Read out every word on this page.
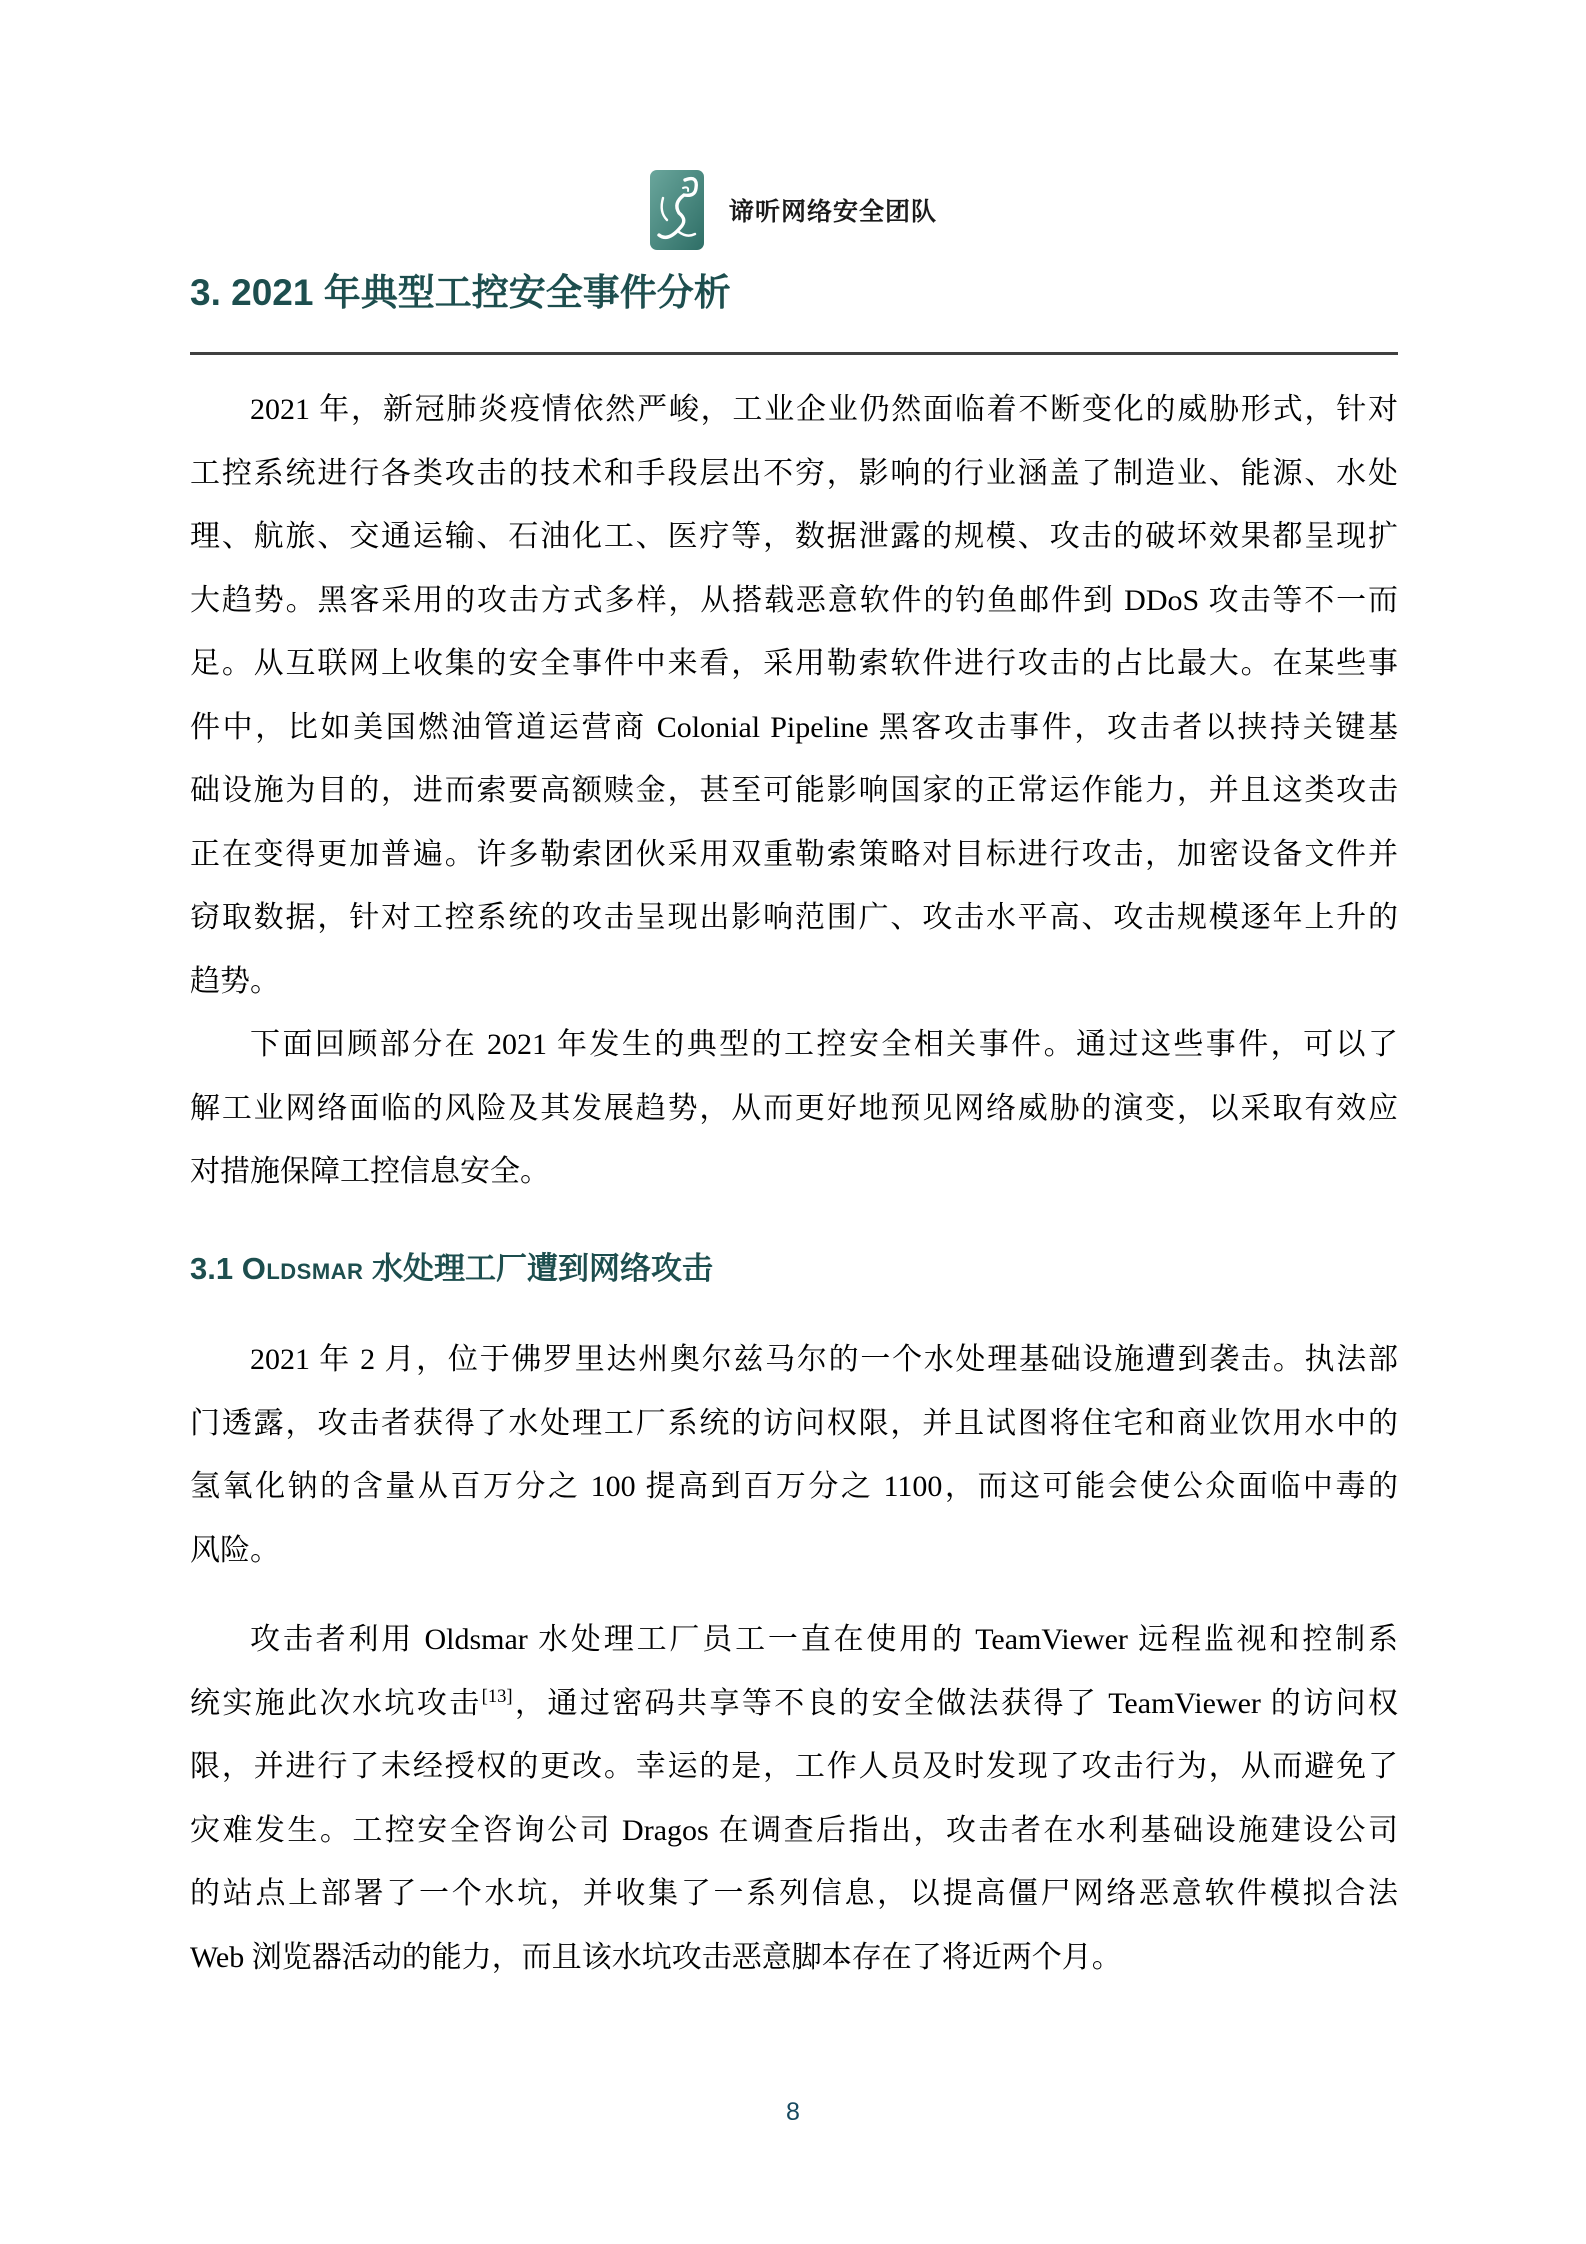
谛听网络安全团队
3. 2021 年典型工控安全事件分析
2021 年，新冠肺炎疫情依然严峻，工业企业仍然面临着不断变化的威胁形式，针对
工控系统进行各类攻击的技术和手段层出不穷，影响的行业涵盖了制造业、能源、水处
理、航旅、交通运输、石油化工、医疗等，数据泄露的规模、攻击的破坏效果都呈现扩
大趋势。黑客采用的攻击方式多样，从搭载恶意软件的钓鱼邮件到 DDoS 攻击等不一而
足。从互联网上收集的安全事件中来看，采用勒索软件进行攻击的占比最大。在某些事
件中，比如美国燃油管道运营商 Colonial Pipeline 黑客攻击事件，攻击者以挟持关键基
础设施为目的，进而索要高额赎金，甚至可能影响国家的正常运作能力，并且这类攻击
正在变得更加普遍。许多勒索团伙采用双重勒索策略对目标进行攻击，加密设备文件并
窃取数据，针对工控系统的攻击呈现出影响范围广、攻击水平高、攻击规模逐年上升的
趋势。
下面回顾部分在 2021 年发生的典型的工控安全相关事件。通过这些事件，可以了
解工业网络面临的风险及其发展趋势，从而更好地预见网络威胁的演变，以采取有效应
对措施保障工控信息安全。
3.1 Oldsmar 水处理工厂遭到网络攻击
2021 年 2 月，位于佛罗里达州奥尔兹马尔的一个水处理基础设施遭到袭击。执法部
门透露，攻击者获得了水处理工厂系统的访问权限，并且试图将住宅和商业饮用水中的
氢氧化钠的含量从百万分之 100 提高到百万分之 1100，而这可能会使公众面临中毒的
风险。
攻击者利用 Oldsmar 水处理工厂员工一直在使用的 TeamViewer 远程监视和控制系
统实施此次水坑攻击[13]，通过密码共享等不良的安全做法获得了 TeamViewer 的访问权
限，并进行了未经授权的更改。幸运的是，工作人员及时发现了攻击行为，从而避免了
灾难发生。工控安全咨询公司 Dragos 在调查后指出，攻击者在水利基础设施建设公司
的站点上部署了一个水坑，并收集了一系列信息，以提高僵尸网络恶意软件模拟合法
Web 浏览器活动的能力，而且该水坑攻击恶意脚本存在了将近两个月。
8
